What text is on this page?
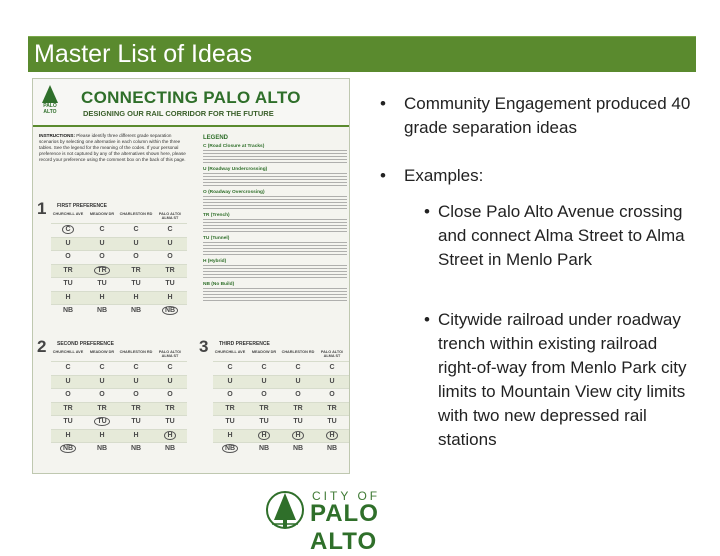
Master List of Ideas
PALO ALTO
CONNECTING PALO ALTO
DESIGNING OUR RAIL CORRIDOR FOR THE FUTURE
INSTRUCTIONS: Please identify three different grade separation scenarios by selecting one alternative in each column within the three tables. See the legend for the meaning of the codes. If your personal preference is not captured by any of the alternatives shown here, please record your preference using the comment box on the back of this page.
LEGEND
C (Road Closure at Tracks)
U (Roadway Undercrossing)
O (Roadway Overcrossing)
TR (Trench)
TU (Tunnel)
H (Hybrid)
NB (No Build)
1 FIRST PREFERENCE
CHURCHILL AVE	MEADOW DR	CHARLESTON RD	PALO ALTO/ ALMA ST
C	C	C	C
U	U	U	U
O	O	O	O
TR	TR	TR	TR
TU	TU	TU	TU
H	H	H	H
NB	NB	NB	NB
2 SECOND PREFERENCE
CHURCHILL AVE	MEADOW DR	CHARLESTON RD	PALO ALTO/ ALMA ST
C	C	C	C
U	U	U	U
O	O	O	O
TR	TR	TR	TR
TU	TU	TU	TU
H	H	H	H
NB	NB	NB	NB
3 THIRD PREFERENCE
CHURCHILL AVE	MEADOW DR	CHARLESTON RD	PALO ALTO/ ALMA ST
C	C	C	C
U	U	U	U
O	O	O	O
TR	TR	TR	TR
TU	TU	TU	TU
H	H	H	H
NB	NB	NB	NB
• Community Engagement produced 40 grade separation ideas
• Examples:
• Close Palo Alto Avenue crossing and connect Alma Street to Alma Street in Menlo Park
• Citywide railroad under roadway trench within existing railroad right-of-way from Menlo Park city limits to Mountain View city limits with two new depressed rail stations
CITY OF
PALO ALTO
